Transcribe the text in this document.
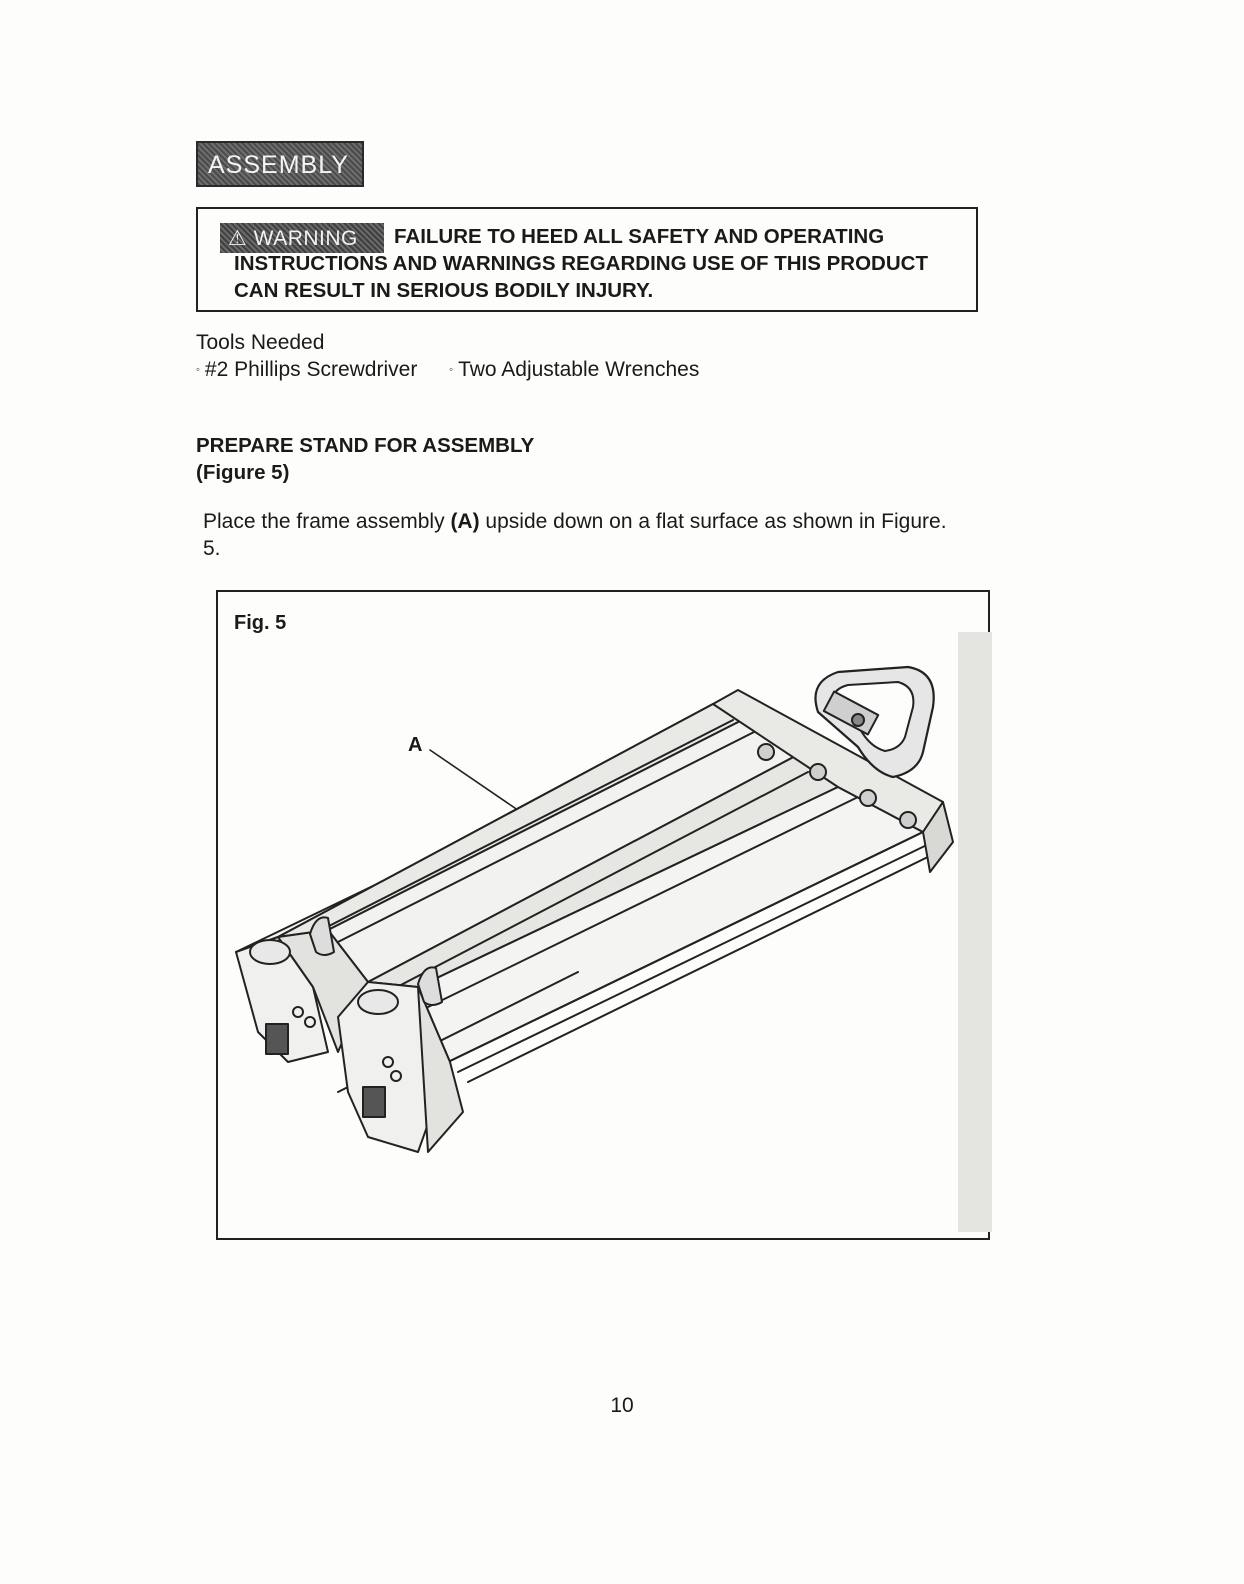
ASSEMBLY
⚠ WARNING	FAILURE TO HEED ALL SAFETY AND OPERATING INSTRUCTIONS AND WARNINGS REGARDING USE OF THIS PRODUCT CAN RESULT IN SERIOUS BODILY INJURY.
Tools Needed
◦ #2 Phillips Screwdriver	◦ Two Adjustable Wrenches
PREPARE STAND FOR ASSEMBLY
(Figure 5)
Place the frame assembly (A) upside down on a flat surface as shown in Figure. 5.
Fig. 5
A
10
